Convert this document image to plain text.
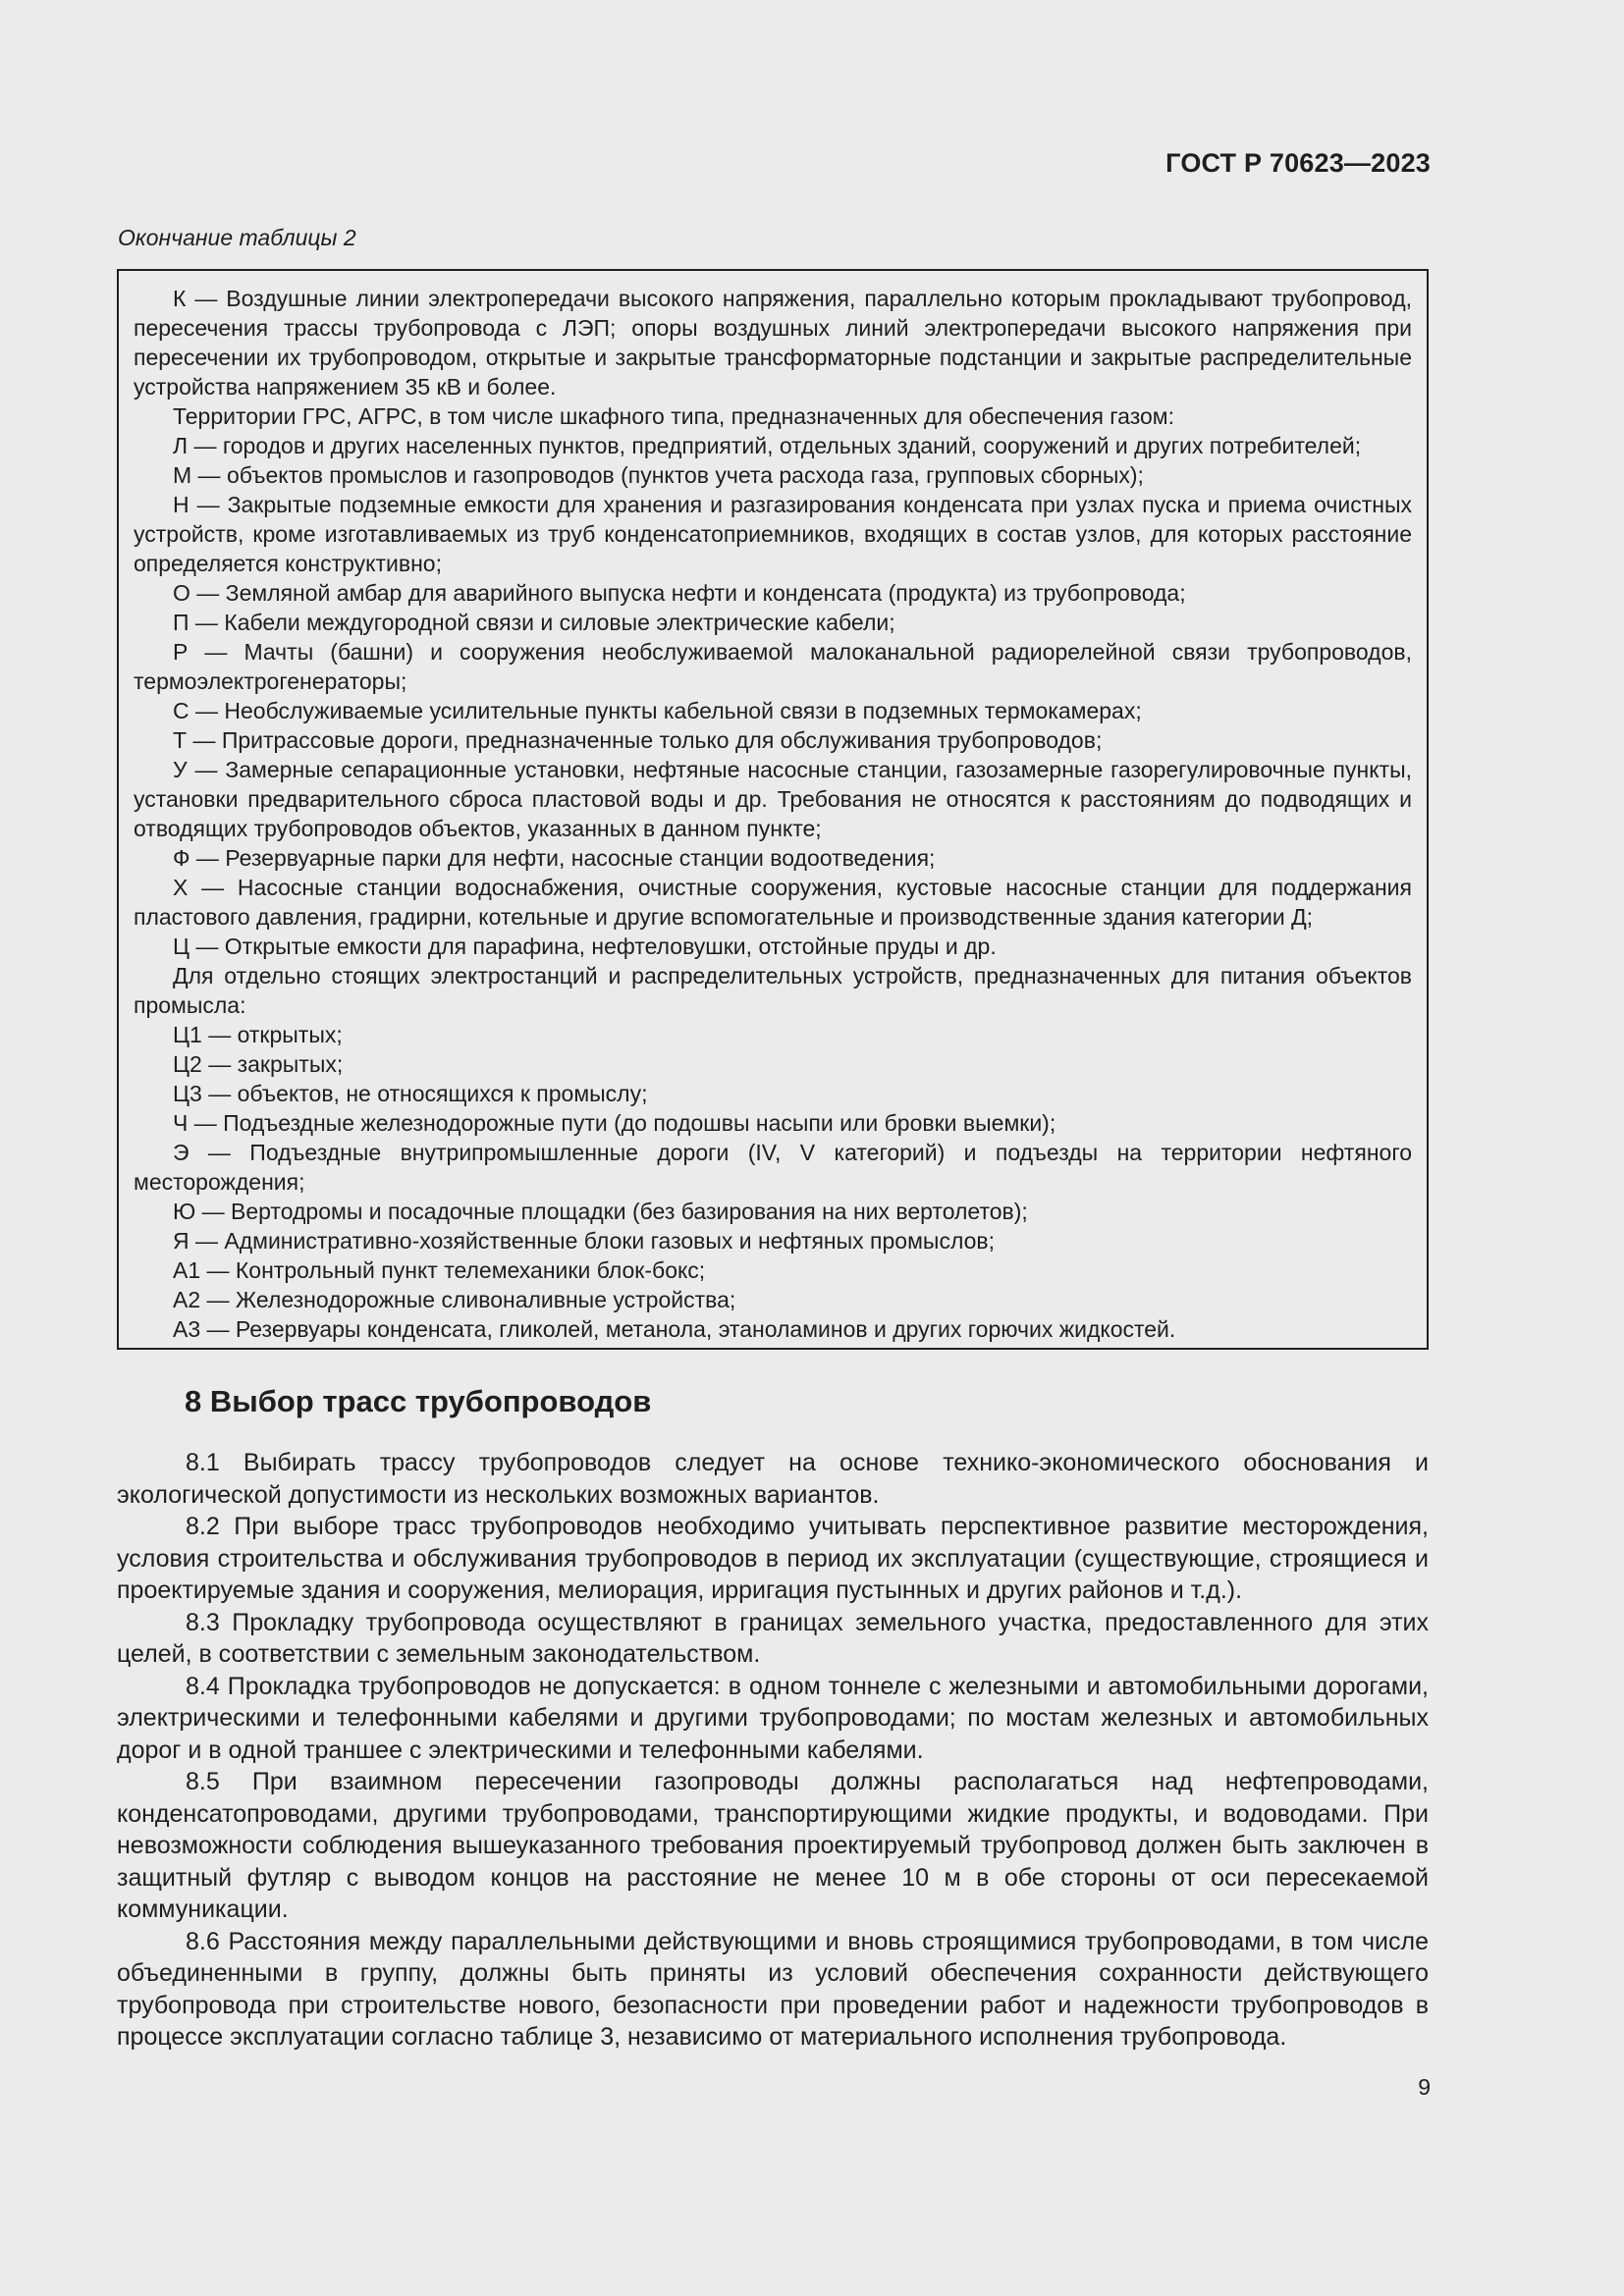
ГОСТ Р 70623—2023

Окончание таблицы 2

К — Воздушные линии электропередачи высокого напряжения, параллельно которым прокладывают трубопровод, пересечения трассы трубопровода с ЛЭП; опоры воздушных линий электропередачи высокого напряжения при пересечении их трубопроводом, открытые и закрытые трансформаторные подстанции и закрытые распределительные устройства напряжением 35 кВ и более.

Территории ГРС, АГРС, в том числе шкафного типа, предназначенных для обеспечения газом:

Л — городов и других населенных пунктов, предприятий, отдельных зданий, сооружений и других потребителей;

М — объектов промыслов и газопроводов (пунктов учета расхода газа, групповых сборных);

Н — Закрытые подземные емкости для хранения и разгазирования конденсата при узлах пуска и приема очистных устройств, кроме изготавливаемых из труб конденсатоприемников, входящих в состав узлов, для которых расстояние определяется конструктивно;

О — Земляной амбар для аварийного выпуска нефти и конденсата (продукта) из трубопровода;

П — Кабели междугородной связи и силовые электрические кабели;

Р — Мачты (башни) и сооружения необслуживаемой малоканальной радиорелейной связи трубопроводов, термоэлектрогенераторы;

С — Необслуживаемые усилительные пункты кабельной связи в подземных термокамерах;

Т — Притрассовые дороги, предназначенные только для обслуживания трубопроводов;

У — Замерные сепарационные установки, нефтяные насосные станции, газозамерные газорегулировочные пункты, установки предварительного сброса пластовой воды и др. Требования не относятся к расстояниям до подводящих и отводящих трубопроводов объектов, указанных в данном пункте;

Ф — Резервуарные парки для нефти, насосные станции водоотведения;

Х — Насосные станции водоснабжения, очистные сооружения, кустовые насосные станции для поддержания пластового давления, градирни, котельные и другие вспомогательные и производственные здания категории Д;

Ц — Открытые емкости для парафина, нефтеловушки, отстойные пруды и др.

Для отдельно стоящих электростанций и распределительных устройств, предназначенных для питания объектов промысла:

Ц1 — открытых;

Ц2 — закрытых;

Ц3 — объектов, не относящихся к промыслу;

Ч — Подъездные железнодорожные пути (до подошвы насыпи или бровки выемки);

Э — Подъездные внутрипромышленные дороги (IV, V категорий) и подъезды на территории нефтяного месторождения;

Ю — Вертодромы и посадочные площадки (без базирования на них вертолетов);

Я — Административно-хозяйственные блоки газовых и нефтяных промыслов;

А1 — Контрольный пункт телемеханики блок-бокс;

А2 — Железнодорожные сливоналивные устройства;

А3 — Резервуары конденсата, гликолей, метанола, этаноламинов и других горючих жидкостей.

8 Выбор трасс трубопроводов

8.1 Выбирать трассу трубопроводов следует на основе технико-экономического обоснования и экологической допустимости из нескольких возможных вариантов.

8.2 При выборе трасс трубопроводов необходимо учитывать перспективное развитие месторождения, условия строительства и обслуживания трубопроводов в период их эксплуатации (существующие, строящиеся и проектируемые здания и сооружения, мелиорация, ирригация пустынных и других районов и т.д.).

8.3 Прокладку трубопровода осуществляют в границах земельного участка, предоставленного для этих целей, в соответствии с земельным законодательством.

8.4 Прокладка трубопроводов не допускается: в одном тоннеле с железными и автомобильными дорогами, электрическими и телефонными кабелями и другими трубопроводами; по мостам железных и автомобильных дорог и в одной траншее с электрическими и телефонными кабелями.

8.5 При взаимном пересечении газопроводы должны располагаться над нефтепроводами, конденсатопроводами, другими трубопроводами, транспортирующими жидкие продукты, и водоводами. При невозможности соблюдения вышеуказанного требования проектируемый трубопровод должен быть заключен в защитный футляр с выводом концов на расстояние не менее 10 м в обе стороны от оси пересекаемой коммуникации.

8.6 Расстояния между параллельными действующими и вновь строящимися трубопроводами, в том числе объединенными в группу, должны быть приняты из условий обеспечения сохранности действующего трубопровода при строительстве нового, безопасности при проведении работ и надежности трубопроводов в процессе эксплуатации согласно таблице 3, независимо от материального исполнения трубопровода.

9
